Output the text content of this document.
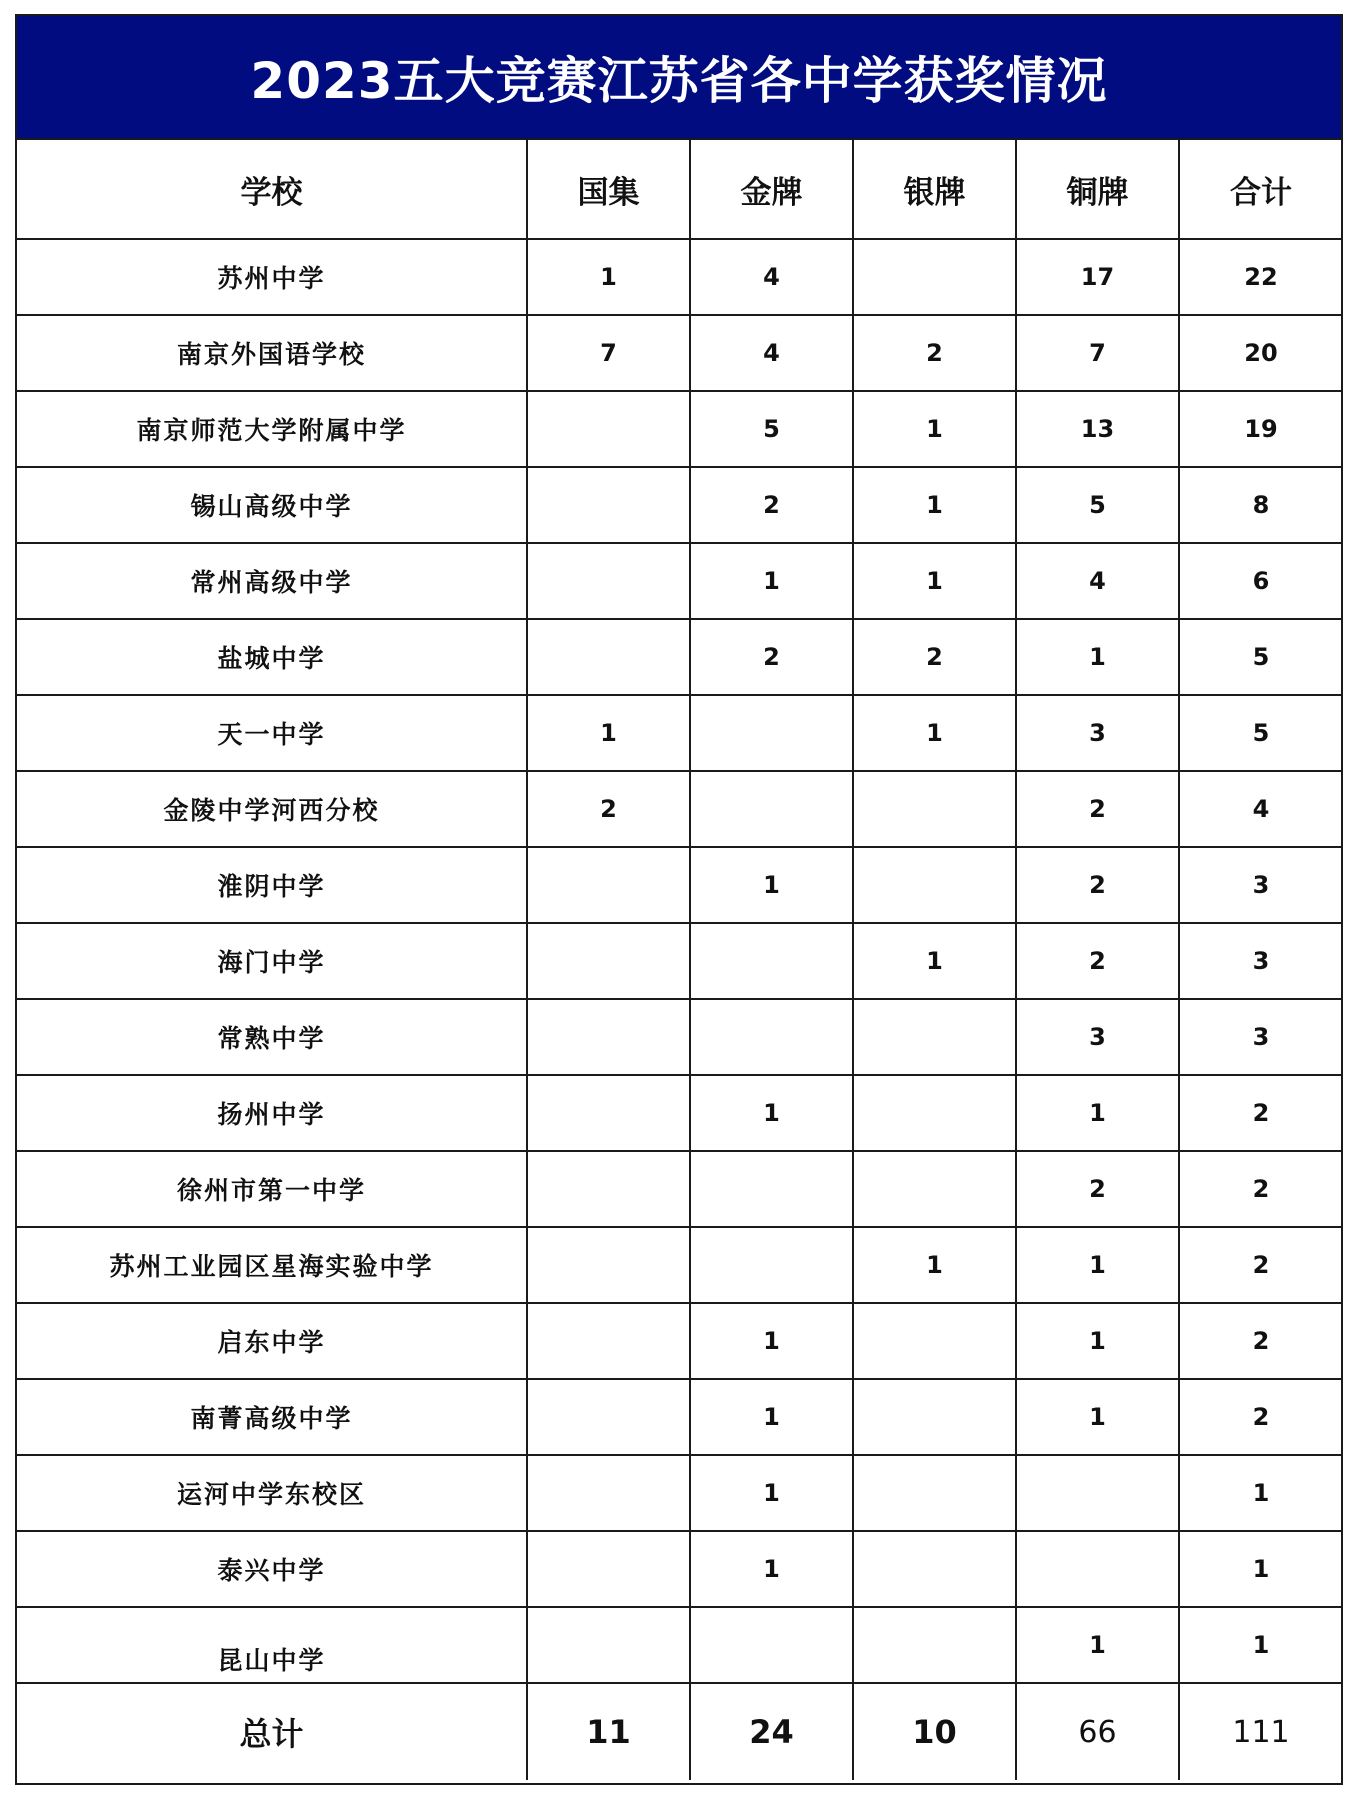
2023五大竞赛江苏省各中学获奖情况
学校	国集	金牌	银牌	铜牌	合计
苏州中学	1	4		17	22
南京外国语学校	7	4	2	7	20
南京师范大学附属中学		5	1	13	19
锡山高级中学		2	1	5	8
常州高级中学		1	1	4	6
盐城中学		2	2	1	5
天一中学	1		1	3	5
金陵中学河西分校	2			2	4
淮阴中学		1		2	3
海门中学			1	2	3
常熟中学				3	3
扬州中学		1		1	2
徐州市第一中学				2	2
苏州工业园区星海实验中学			1	1	2
启东中学		1		1	2
南菁高级中学		1		1	2
运河中学东校区		1			1
泰兴中学		1			1
昆山中学				1	1
总计	11	24	10	66	111
